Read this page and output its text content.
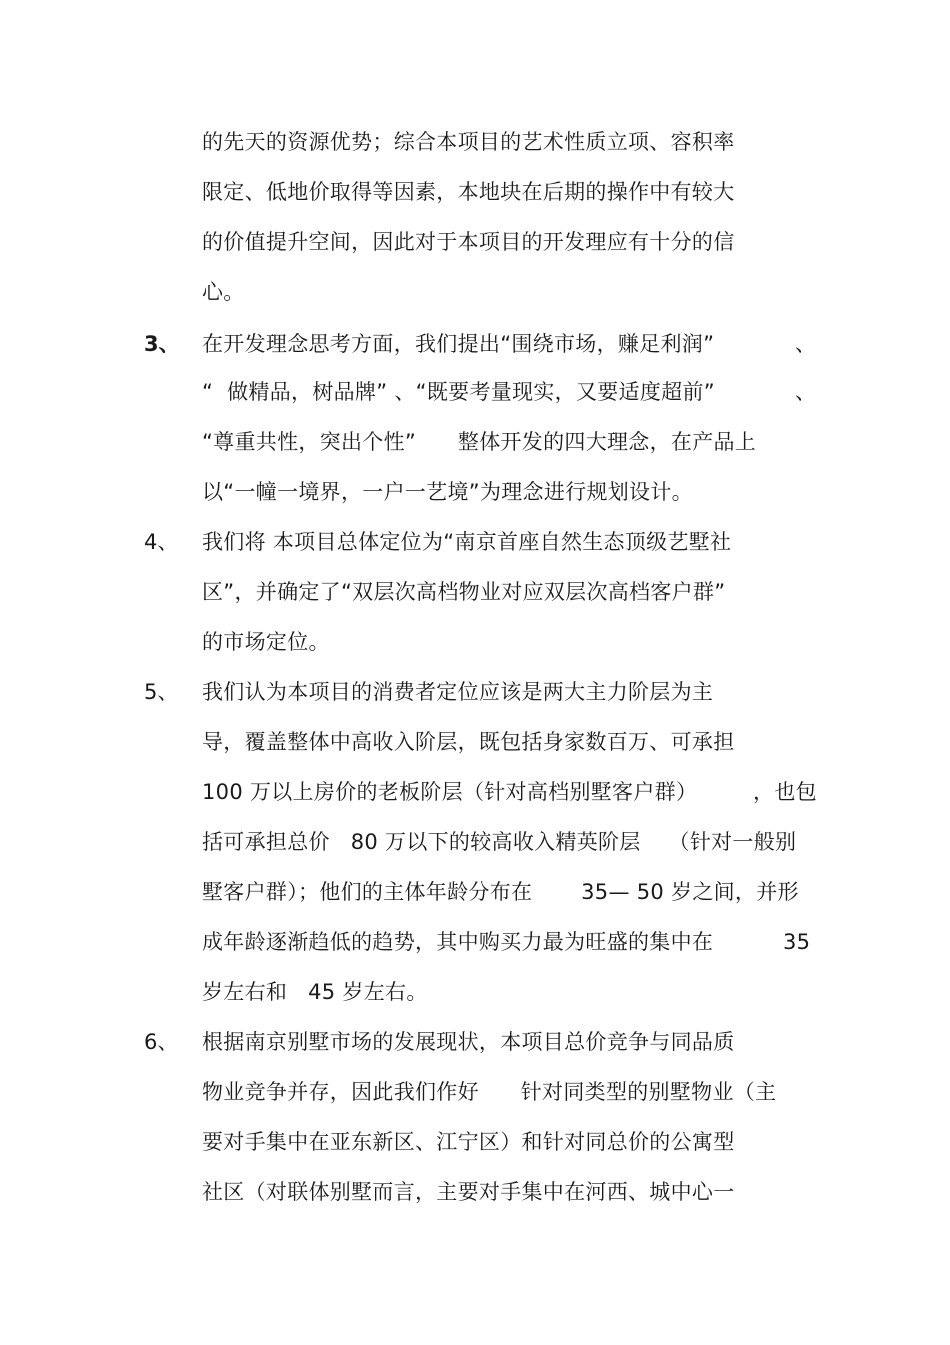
的先天的资源优势；综合本项目的艺术性质立项、容积率
限定、低地价取得等因素，本地块在后期的操作中有较大
的价值提升空间，因此对于本项目的开发理应有十分的信
心。
3、 在开发理念思考方面，我们提出“围绕市场，赚足利润”	、
“  做精品，树品牌” 、“既要考量现实，又要适度超前”	、
“尊重共性，突出个性”      整体开发的四大理念，在产品上
以“一幢一境界，一户一艺境”为理念进行规划设计。
4、 我们将 本项目总体定位为“南京首座自然生态顶级艺墅社
区”，并确定了“双层次高档物业对应双层次高档客户群”
的市场定位。
5、 我们认为本项目的消费者定位应该是两大主力阶层为主
导，覆盖整体中高收入阶层，既包括身家数百万、可承担
100 万以上房价的老板阶层（针对高档别墅客户群）        ，也包
括可承担总价   80 万以下的较高收入精英阶层    （针对一般别
墅客户群）；他们的主体年龄分布在       35— 50 岁之间，并形
成年龄逐渐趋低的趋势，其中购买力最为旺盛的集中在          35
岁左右和   45 岁左右。
6、 根据南京别墅市场的发展现状，本项目总价竞争与同品质
物业竞争并存，因此我们作好      针对同类型的别墅物业（主
要对手集中在亚东新区、江宁区）和针对同总价的公寓型
社区（对联体别墅而言，主要对手集中在河西、城中心一
